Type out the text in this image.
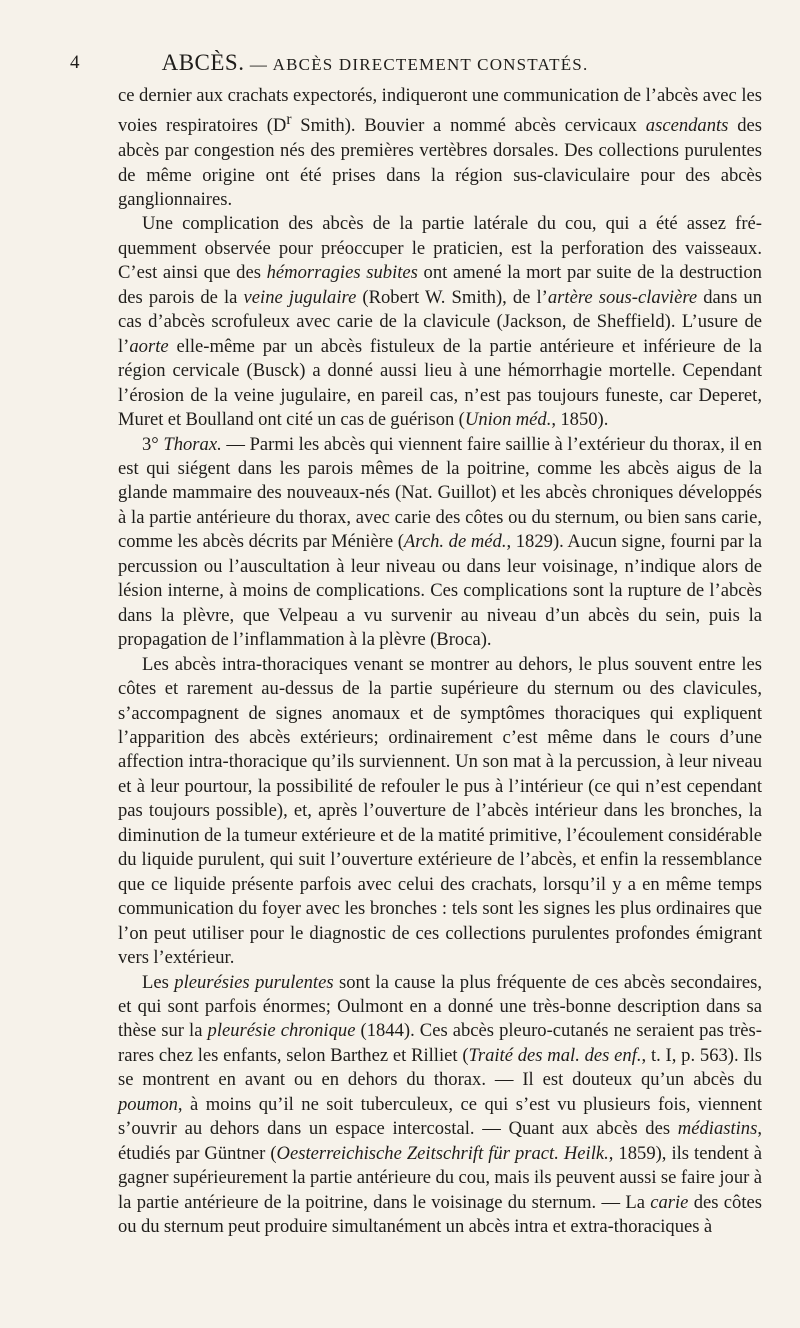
4	ABCÈS. — ABCÈS DIRECTEMENT CONSTATÉS.

ce dernier aux crachats expectorés, indiqueront une communication de l’abcès avec les voies respiratoires ($D^r$ Smith). Bouvier a nommé abcès cervicaux ascendants des abcès par congestion nés des premières vertèbres dorsales. Des collections purulentes de même origine ont été prises dans la région sus-claviculaire pour des abcès ganglionnaires.

Une complication des abcès de la partie latérale du cou, qui a été assez fréquemment observée pour préoccuper le praticien, est la perforation des vaisseaux. C’est ainsi que des hémorragies subites ont amené la mort par suite de la destruction des parois de la veine jugulaire (Robert W. Smith), de l’artère sous-clavière dans un cas d’abcès scrofuleux avec carie de la clavicule (Jackson, de Sheffield). L’usure de l’aorte elle-même par un abcès fistuleux de la partie antérieure et inférieure de la région cervicale (Busck) a donné aussi lieu à une hémorrhagie mortelle. Cependant l’érosion de la veine jugulaire, en pareil cas, n’est pas toujours funeste, car Deperet, Muret et Boulland ont cité un cas de guérison (Union méd., 1850).

3° Thorax. — Parmi les abcès qui viennent faire saillie à l’extérieur du thorax, il en est qui siégent dans les parois mêmes de la poitrine, comme les abcès aigus de la glande mammaire des nouveaux-nés (Nat. Guillot) et les abcès chroniques développés à la partie antérieure du thorax, avec carie des côtes ou du sternum, ou bien sans carie, comme les abcès décrits par Ménière (Arch. de méd., 1829). Aucun signe, fourni par la percussion ou l’auscultation à leur niveau ou dans leur voisinage, n’indique alors de lésion interne, à moins de complications. Ces complications sont la rupture de l’abcès dans la plèvre, que Velpeau a vu survenir au niveau d’un abcès du sein, puis la propagation de l’inflammation à la plèvre (Broca).

Les abcès intra-thoraciques venant se montrer au dehors, le plus souvent entre les côtes et rarement au-dessus de la partie supérieure du sternum ou des clavicules, s’accompagnent de signes anomaux et de symptômes thoraciques qui expliquent l’apparition des abcès extérieurs; ordinairement c’est même dans le cours d’une affection intra-thoracique qu’ils surviennent. Un son mat à la percussion, à leur niveau et à leur pourtour, la possibilité de refouler le pus à l’intérieur (ce qui n’est cependant pas toujours possible), et, après l’ouverture de l’abcès intérieur dans les bronches, la diminution de la tumeur extérieure et de la matité primitive, l’écoulement considérable du liquide purulent, qui suit l’ouverture extérieure de l’abcès, et enfin la ressemblance que ce liquide présente parfois avec celui des crachats, lorsqu’il y a en même temps communication du foyer avec les bronches : tels sont les signes les plus ordinaires que l’on peut utiliser pour le diagnostic de ces collections purulentes profondes émigrant vers l’extérieur.

Les pleurésies purulentes sont la cause la plus fréquente de ces abcès secondaires, et qui sont parfois énormes; Oulmont en a donné une très-bonne description dans sa thèse sur la pleurésie chronique (1844). Ces abcès pleuro-cutanés ne seraient pas très-rares chez les enfants, selon Barthez et Rilliet (Traité des mal. des enf., t. I, p. 563). Ils se montrent en avant ou en dehors du thorax. — Il est douteux qu’un abcès du poumon, à moins qu’il ne soit tuberculeux, ce qui s’est vu plusieurs fois, viennent s’ouvrir au dehors dans un espace intercostal. — Quant aux abcès des médiastins, étudiés par Güntner (Oesterreichische Zeitschrift für pract. Heilk., 1859), ils tendent à gagner supérieurement la partie antérieure du cou, mais ils peuvent aussi se faire jour à la partie antérieure de la poitrine, dans le voisinage du sternum. — La carie des côtes ou du sternum peut produire simultanément un abcès intra et extra-thoraciques à
